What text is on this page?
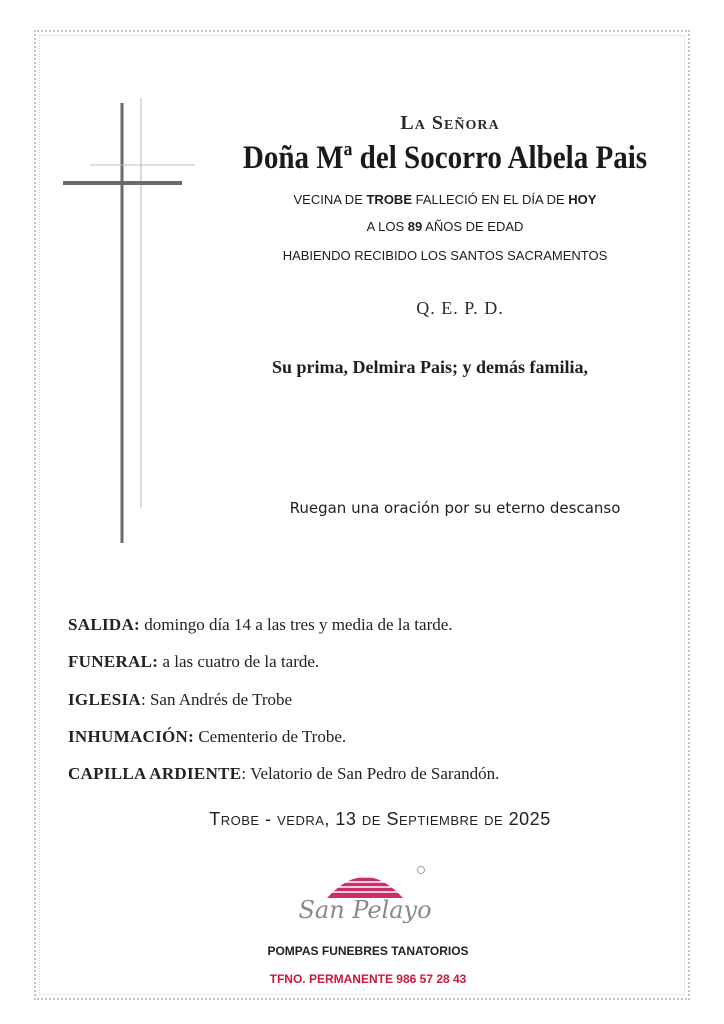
La Señora
Doña Mª del Socorro Albela Pais
VECINA DE TROBE FALLECIÓ EN EL DÍA DE HOY
A LOS 89 AÑOS DE EDAD
HABIENDO RECIBIDO LOS SANTOS SACRAMENTOS
Q. E. P. D.
Su prima, Delmira Pais; y demás familia,
Ruegan una oración por su eterno descanso
SALIDA: domingo día 14 a las tres y media de la tarde.
FUNERAL: a las cuatro de la tarde.
IGLESIA: San Andrés de Trobe
INHUMACIÓN: Cementerio de Trobe.
CAPILLA ARDIENTE: Velatorio de San Pedro de Sarandón.
Trobe - vedra, 13 de Septiembre de 2025
San Pelayo
POMPAS FUNEBRES TANATORIOS
TFNO. PERMANENTE 986 57 28 43
